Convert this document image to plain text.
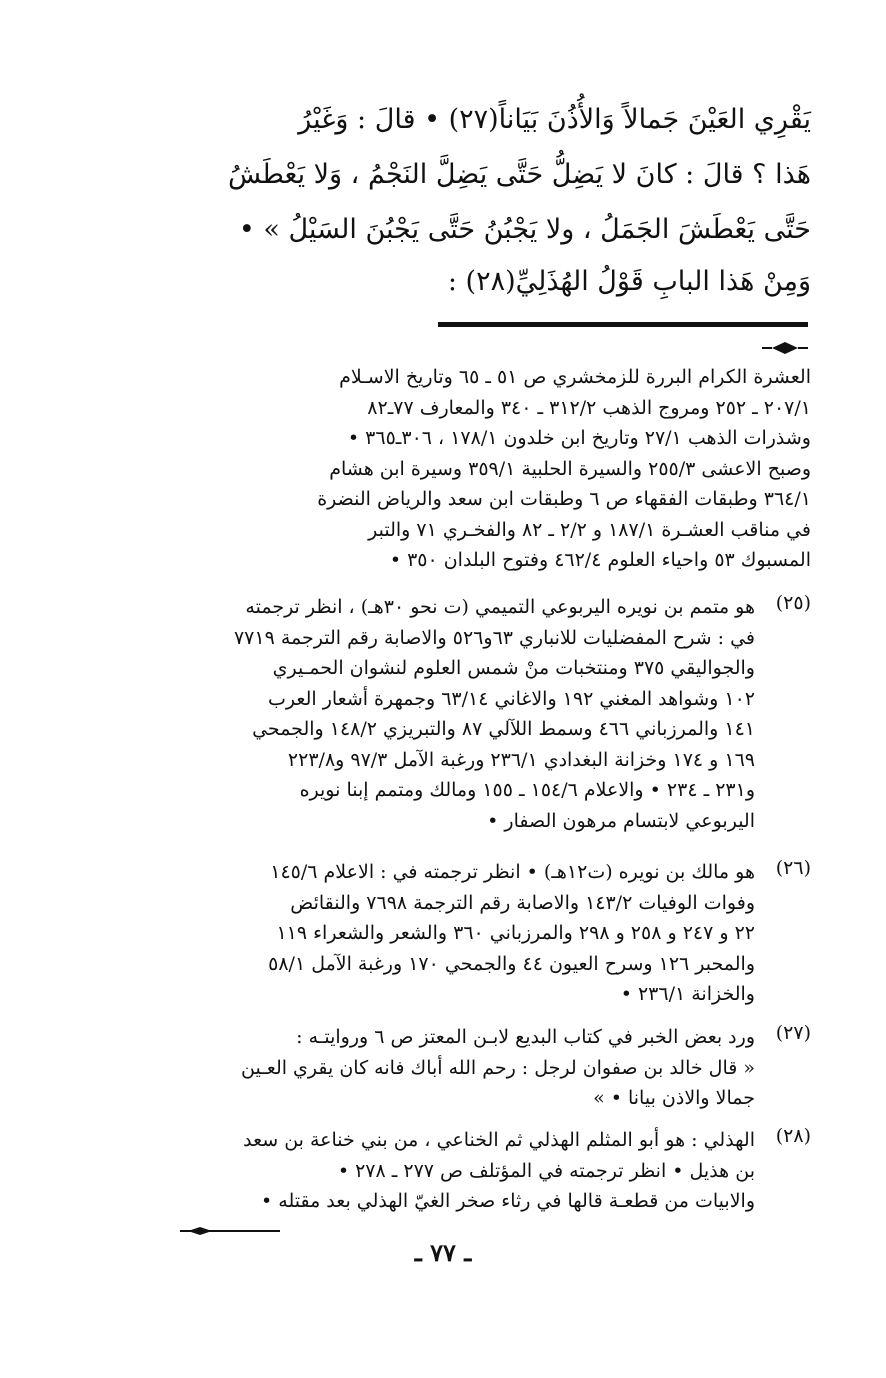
يَقْرِي العَيْنَ جَمالاً وَالأُذُنَ بَيَاناً(٢٧) • قالَ : وَغَيْرُ
هَذا ؟ قالَ : كانَ لا يَضِلُّ حَتَّى يَضِلَّ النَجْمُ ، وَلا يَعْطَشُ
حَتَّى يَعْطَشَ الجَمَلُ ، ولا يَجْبُنُ حَتَّى يَجْبُنَ السَيْلُ » •
وَمِنْ هَذا البابِ قَوْلُ الهُذَلِيِّ(٢٨) :
العشرة الكرام البررة للزمخشري ص ٥١ ـ ٦٥ وتاريخ الاسـلام
٢٠٧/١ ـ ٢٥٢ ومروج الذهب ٣١٢/٢ ـ ٣٤٠ والمعارف ٧٧ـ٨٢
وشذرات الذهب ٢٧/١ وتاريخ ابن خلدون ١٧٨/١ ، ٣٠٦ـ٣٦٥ •
وصبح الاعشى ٢٥٥/٣ والسيرة الحلبية ٣٥٩/١ وسيرة ابن هشام
٣٦٤/١ وطبقات الفقهاء ص ٦ وطبقات ابن سعد والرياض النضرة
في مناقب العشـرة ١٨٧/١ و ٢/٢ ـ ٨٢ والفخـري ٧١ والتبر
المسبوك ٥٣ واحياء العلوم ٤٦٢/٤ وفتوح البلدان ٣٥٠ •
(٢٥)
هو متمم بن نويره اليربوعي التميمي (ت نحو ٣٠هـ) ، انظر ترجمته
في : شرح المفضليات للانباري ٦٣و٥٢٦ والاصابة رقم الترجمة ٧٧١٩
والجواليقي ٣٧٥ ومنتخبات منْ شمس العلوم لنشوان الحمـيري
١٠٢ وشواهد المغني ١٩٢ والاغاني ٦٣/١٤ وجمهرة أشعار العرب
١٤١ والمرزباني ٤٦٦ وسمط اللآلي ٨٧ والتبريزي ١٤٨/٢ والجمحي
١٦٩ و ١٧٤ وخزانة البغدادي ٢٣٦/١ ورغبة الآمل ٩٧/٣ و٢٢٣/٨
و٢٣١ ـ ٢٣٤ • والاعلام ١٥٤/٦ ـ ١٥٥ ومالك ومتمم إبنا نويره
اليربوعي لابتسام مرهون الصفار •
(٢٦)
هو مالك بن نويره (ت١٢هـ) • انظر ترجمته في : الاعلام ١٤٥/٦
وفوات الوفيات ١٤٣/٢ والاصابة رقم الترجمة ٧٦٩٨ والنقائض
٢٢ و ٢٤٧ و ٢٥٨ و ٢٩٨ والمرزباني ٣٦٠ والشعر والشعراء ١١٩
والمحبر ١٢٦ وسرح العيون ٤٤ والجمحي ١٧٠ ورغبة الآمل ٥٨/١
والخزانة ٢٣٦/١ •
(٢٧)
ورد بعض الخبر في كتاب البديع لابـن المعتز ص ٦ وروايتـه :
« قال خالد بن صفوان لرجل : رحم الله أباك فانه كان يقري العـين
جمالا والاذن بيانا • »
(٢٨)
الهذلي : هو أبو المثلم الهذلي ثم الخناعي ، من بني خناعة بن سعد
بن هذيل • انظر ترجمته في المؤتلف ص ٢٧٧ ـ ٢٧٨ •
والابيات من قطعـة قالها في رثاء صخر الغيّ الهذلي بعد مقتله •
ـ ٧٧ ـ
